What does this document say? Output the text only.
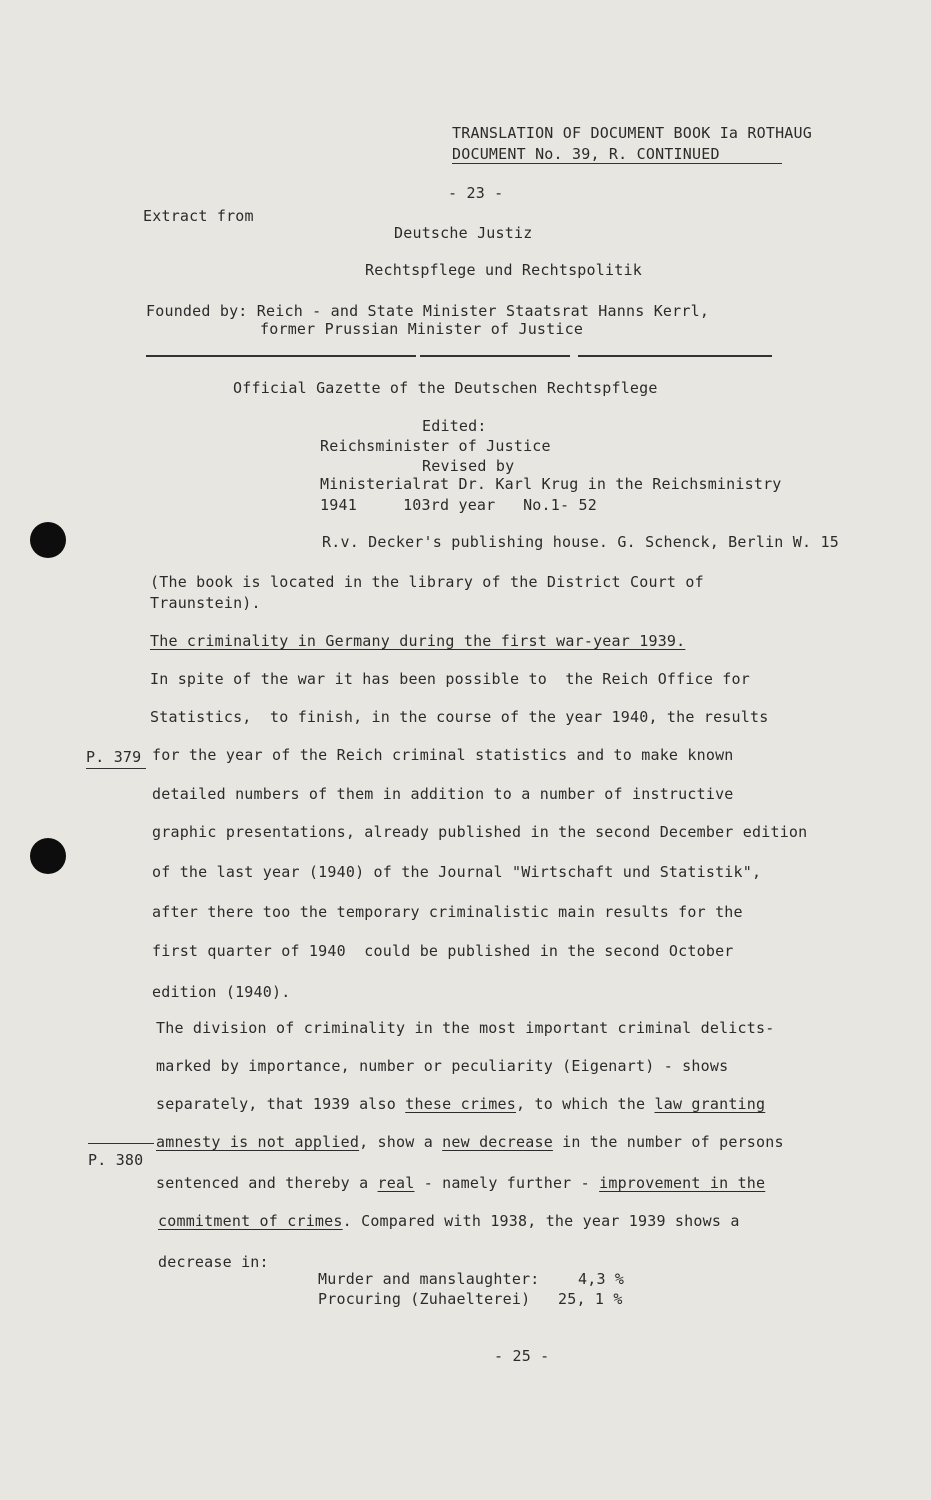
TRANSLATION OF DOCUMENT BOOK Ia ROTHAUG
DOCUMENT No. 39, R. CONTINUED
- 23 -
Extract from
Deutsche Justiz
Rechtspflege und Rechtspolitik
Founded by: Reich - and State Minister Staatsrat Hanns Kerrl,
former Prussian Minister of Justice
Official Gazette of the Deutschen Rechtspflege
Edited:
Reichsminister of Justice
Revised by
Ministerialrat Dr. Karl Krug in the Reichsministry
1941     103rd year   No.1- 52
R.v. Decker's publishing house. G. Schenck, Berlin W. 15
(The book is located in the library of the District Court of
Traunstein).
The criminality in Germany during the first war-year 1939.
In spite of the war it has been possible to  the Reich Office for
Statistics,  to finish, in the course of the year 1940, the results
P. 379 for the year of the Reich criminal statistics and to make known
detailed numbers of them in addition to a number of instructive
graphic presentations, already published in the second December edition
of the last year (1940) of the Journal "Wirtschaft und Statistik",
after there too the temporary criminalistic main results for the
first quarter of 1940  could be published in the second October
edition (1940).
The division of criminality in the most important criminal delicts-
marked by importance, number or peculiarity (Eigenart) - shows
separately, that 1939 also these crimes, to which the law granting
P. 380
amnesty is not applied, show a new decrease in the number of persons
sentenced and thereby a real - namely further - improvement in the
commitment of crimes. Compared with 1938, the year 1939 shows a
decrease in:
Murder and manslaughter:	4,3 %
Procuring (Zuhaelterei) 25, 1 %
- 25 -
